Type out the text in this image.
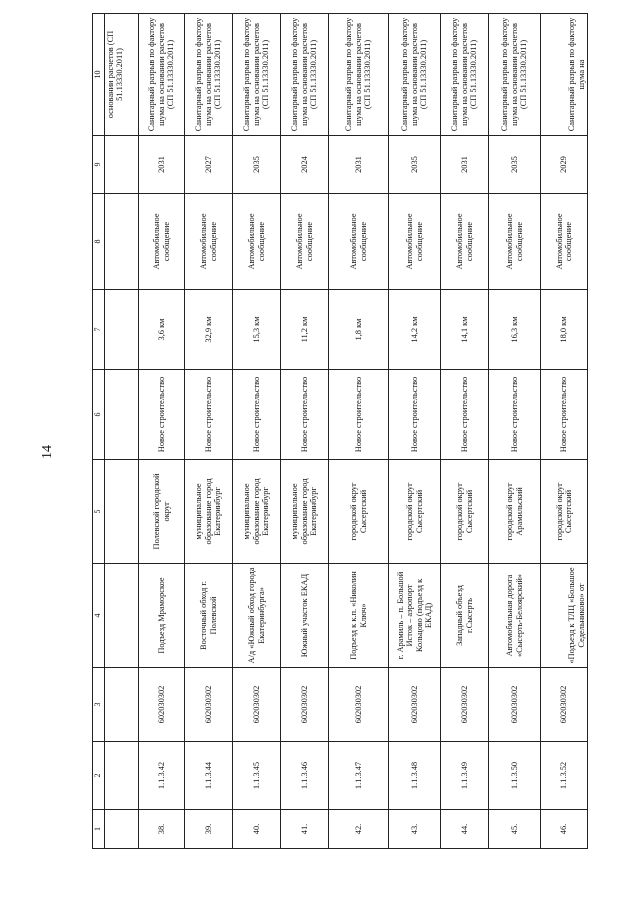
14
1	2	3	4	5	6	7	8	9	10
									основании расчетов (СП 51.13330.2011)
38.	1.1.3.42	602030302	Подъезд Мраморское	Полевской городской округ	Новое строительство	3,6 км	Автомобильное сообщение	2031	Санитарный разрыв по фактору шума на основании расчетов (СП 51.13330.2011)
39.	1.1.3.44	602030302	Восточный обход г. Полевской	муниципальное образование город Екатеринбург	Новое строительство	32,9 км	Автомобильное сообщение	2027	Санитарный разрыв по фактору шума на основании расчетов (СП 51.13330.2011)
40.	1.1.3.45	602030302	А/д «Южный обход города Екатеринбурга»	муниципальное образование город Екатеринбург	Новое строительство	15,3 км	Автомобильное сообщение	2035	Санитарный разрыв по фактору шума на основании расчетов (СП 51.13330.2011)
41.	1.1.3.46	602030302	Южный участок ЕКАД	муниципальное образование город Екатеринбург	Новое строительство	11,2 км	Автомобильное сообщение	2024	Санитарный разрыв по фактору шума на основании расчетов (СП 51.13330.2011)
42.	1.1.3.47	602030302	Подъезд к к.п. «Николин Ключ»	городской округ Сысертский	Новое строительство	1,8 км	Автомобильное сообщение	2031	Санитарный разрыв по фактору шума на основании расчетов (СП 51.13330.2011)
43.	1.1.3.48	602030302	г. Арамиль – п. Большой Исток – аэропорт Кольцово (подъезд к ЕКАД)	городской округ Сысертский	Новое строительство	14,2 км	Автомобильное сообщение	2035	Санитарный разрыв по фактору шума на основании расчетов (СП 51.13330.2011)
44.	1.1.3.49	602030302	Западный объезд г.Сысерть	городской округ Сысертский	Новое строительство	14,1 км	Автомобильное сообщение	2031	Санитарный разрыв по фактору шума на основании расчетов (СП 51.13330.2011)
45.	1.1.3.50	602030302	Автомобильная дорога «Сысерть-Белоярский»	городской округ Арамильский	Новое строительство	16,3 км	Автомобильное сообщение	2035	Санитарный разрыв по фактору шума на основании расчетов (СП 51.13330.2011)
46.	1.1.3.52	602030302	«Подъезд к ТЛЦ «Большое Седельниково» от	городской округ Сысертский	Новое строительство	18,0 км	Автомобильное сообщение	2029	Санитарный разрыв по фактору шума на
